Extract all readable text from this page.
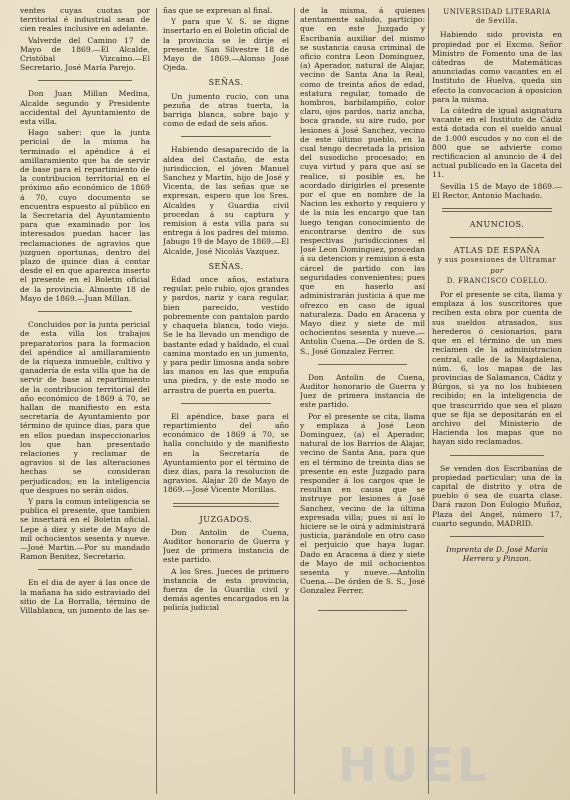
ventes cuyas cuotas por territorial é industrial sean de cien reales inclusive en adelante.

Valverde del Camino 17 de Mayo de 1869.—El Alcalde, Cristóbal Vizcaino.—El Secretario, José María Parejo.

Don Juan Millan Medina, Alcalde segundo y Presidente accidental del Ayuntamiento de esta villa.

Hago saber: que la junta pericial de la misma ha terminado el apéndice á el amillaramiento que ha de servir de base para el repartimiento de la contribucion territorial en el próximo año económico de 1869 á 70, cuyo documento se encuentra espuesto al público en la Secretaría del Ayuntamiento para que examinado por los interesados puedan hacer las reclamaciones de agravios que juzguen oportunas, dentro del plazo de quince dias á contar desde el en que aparezca inserto el presente en el Boletin oficial de la provincia. Almonte 18 de Mayo de 1869.—Juan Millan.

Concluidos por la junta pericial de esta villa los trabajos preparatorios para la formacion del apéndice al amillaramiento de la riqueza inmueble, cultivo y ganadería de esta villa que ha de servir de base al repartimiento de la contribucion territorial del año económico de 1869 á 70, se hallan de manifiesto en esta secretaría de Ayuntamiento por término de quince dias, para que en ellos puedan inspeccionarlos los que han presentado relaciones y reclamar de agravios si de las alteraciones hechas se consideran perjudicados; en la inteligencia que despues no serán oidos.

Y para la comun inteligencia se publica el presente, que tambien se insertará en el Boletin oficial. Lepe á diez y siete de Mayo de mil ochocientos sesenta y nueve.—José Martin.—Por su mandado Ramon Benitez, Secretario.

En el dia de ayer á las once de la mañana ha sido estraviado del sitio de La Borralla, término de Villablanca, un jumento de las se-

ñas que se expresan al final.

Y para que V. S. se digne insertarlo en el Boletin oficial de la provincia se le dirije el presente. San Silvestre 18 de Mayo de 1869.—Alonso José Ojeda.

SEÑAS.

Un jumento rucio, con una pezuña de atras tuerta, la barriga blanca, sobre bajo y como de edad de seis años.

Habiendo desaparecido de la aldea del Castaño, de esta jurisdiccion, el jóven Manuel Sanchez y Martin, hijo de José y Vicenta, de las señas que se expresan, espero que los Sres. Alcaldes y Guardia civil procedan á su captura y remision á esta villa para su entrega á los padres del mismo. Jabugo 19 de Mayo de 1869.—El Alcalde, José Nicolás Vazquez.

SEÑAS.

Edad once años, estatura regular, pelo rubio, ojos grandes y pardos, nariz y cara regular, bien parecido, vestido pobremente con pantalon pardo y chaqueta blanca, todo viejo. Se le ha llevado un mendigo de bastante edad y baldado, el cual camina montado en un jumento, y para pedir limosna anda sobre las manos en las que empuña una piedra, y de este modo se arrastra de puerta en puerta.

El apéndice, base para el repartimiento del año económico de 1869 á 70, se halla concluido y de manifiesto en la Secretaría de Ayuntamiento por el término de diez dias, para la resolucion de agravios. Alajar 20 de Mayo de 1869.—José Vicente Morillas.

JUZGADOS.

Don Antolin de Cuena, Auditor honorario de Guerra y Juez de primera instancia de este partido.

A los Sres. Jueces de primero instancia de esta provincia, fuerza de la Guardia civil y demás agentes encargados en la policía judicial

de la misma, á quienes atentamente saludo, participo: que en este Juzgado y Escribanía auxiliar del mismo se sustancia causa criminal de oficio contra Leon Dominguez, (a) Aperador, natural de Alajar, vecino de Santa Ana la Real, como de treinta años de edad, estatura regular, tomado de hombros, barbilampiño, color claro, ojos pardos, nariz ancha, boca grande, su aire rudo, por lesiones á José Sanchez, vecino de este último pueblo, en la cual tengo decretada la prision del susodicho procesado; en cuya virtud y para que así se realice, si posible es, he acordado dirigirles el presente por el que en nombre de la Nacion les exhorto y requiero y de la mia les encargo que tan luego tengan conocimiento de encontrarse dentro de sus respectivas jurisdicciones el José Leon Dominguez, procedan á su detencion y remision á esta cárcel de partido con las seguridades convenientes; pues que en haserlo así administrarán justicia á que me ofrezco en caso de igual naturaleza. Dado en Aracena y Mayo diez y siete de mil ochocientos sesenta y nueve.—Antolin Cuena.—De órden de S. S., José Gonzalez Ferrer.

Don Antolin de Cuena, Auditor honorario de Guerra y Juez de primera instancia de este partido.

Por el presente se cita, llama y emplaza á José Leon Dominguez, (a) el Aperador, natural de los Barrios de Alajar, vecino de Santa Ana, para que en el término de treinta dias se presente en este Juzgado para responder á los cargos que le resultan en causa que se instruye por lesiones á José Sanchez, vecino de la última expresada villa; pues si así lo hiciere se le oirá y administrará justicia, parándole en otro caso el perjuicio que haya lugar. Dado en Aracena á diez y siete de Mayo de mil ochocientos sesenta y nueve.—Antolin Cuena.—De órden de S. S., José Gonzalez Ferrer.

UNIVERSIDAD LITERARIA
de Sevilla.

Habiendo sido provista en propiedad por el Excmo. Señor Ministro de Fomento una de las cátedras de Matemáticas anunciadas como vacantes en el Instituto de Huelva, queda sin efecto la convocacion á oposicion para la misma.

La cátedra de igual asignatura vacante en el Instituto de Cádiz está dotada con el sueldo anual de 1.000 escudos y no con el de 800 que se advierte como rectificacion al anuncio de 4 del actual publicado en la Gaceta del 11.

Sevilla 15 de Mayo de 1869.—El Rector, Antonio Machado.

ANUNCIOS.
ATLAS DE ESPAÑA
y sus posesiones de Ultramar
por
D. FRANCISCO COELLO.

Por el presente se cita, llama y emplaza á los suscritores que reciben esta obra por cuenta de sus sueldos atrasados, sus herederos ó cesionarios, para que en el término de un mes reclamen de la administracion central, calle de la Magdalena, núm. 6, los mapas de las provincias de Salamanca, Cádiz y Búrgos, si ya no los hubiesen recibido; en la inteligencia de que trascurrido que sea el plazo que se fija se depositarán en el archivo del Ministerio de Hacienda los mapas que no hayan sido reclamados.

Se venden dos Escribanías de propiedad particular; una de la capital de distrito y otra de pueblo ó sea de cuarta clase. Dará razon Don Eulogio Muñoz, Plaza del Angel, número 17, cuarto segundo, MADRID.

Imprenta de D. José María Herrera y Pinzon.

HUEL
